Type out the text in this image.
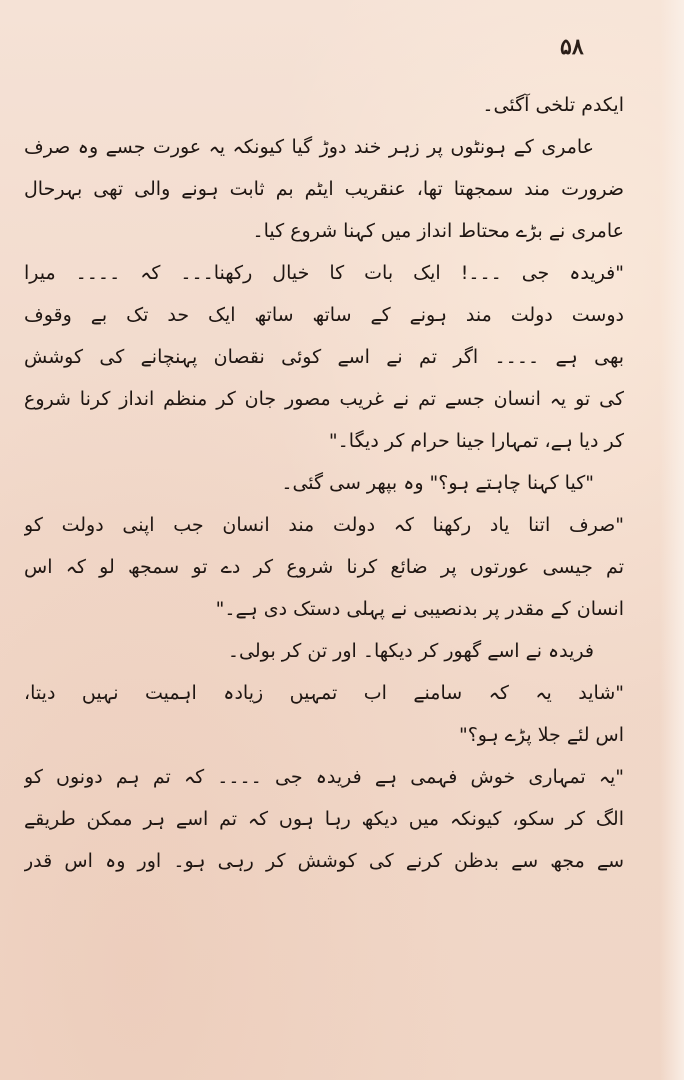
۵۸
ایکدم تلخی آگئی۔
عامری کے ہونٹوں پر زہر خند دوڑ گیا کیونکہ یہ عورت جسے وہ صرف
ضرورت مند سمجھتا تھا، عنقریب ایٹم بم ثابت ہونے والی تھی بہرحال
عامری نے بڑے محتاط انداز میں کہنا شروع کیا۔
"فریدہ جی ۔۔۔! ایک بات کا خیال رکھنا۔۔۔ کہ ۔۔۔۔ میرا
دوست دولت مند ہونے کے ساتھ ساتھ ایک حد تک بے وقوف
بھی ہے ۔۔۔۔ اگر تم نے اسے کوئی نقصان پہنچانے کی کوشش
کی تو یہ انسان جسے تم نے غریب مصور جان کر منظم انداز کرنا شروع
کر دیا ہے، تمہارا جینا حرام کر دیگا۔"
"کیا کہنا چاہتے ہو؟" وہ بپھر سی گئی۔
"صرف اتنا یاد رکھنا کہ دولت مند انسان جب اپنی دولت کو
تم جیسی عورتوں پر ضائع کرنا شروع کر دے تو سمجھ لو کہ اس
انسان کے مقدر پر بدنصیبی نے پہلی دستک دی ہے۔"
فریدہ نے اسے گھور کر دیکھا۔ اور تن کر بولی۔
"شاید یہ کہ سامنے اب تمہیں زیادہ اہمیت نہیں دیتا،
اس لئے جلا پڑے ہو؟"
"یہ تمہاری خوش فہمی ہے فریدہ جی ۔۔۔۔ کہ تم ہم دونوں کو
الگ کر سکو، کیونکہ میں دیکھ رہا ہوں کہ تم اسے ہر ممکن طریقے
سے مجھ سے بدظن کرنے کی کوشش کر رہی ہو۔ اور وہ اس قدر
